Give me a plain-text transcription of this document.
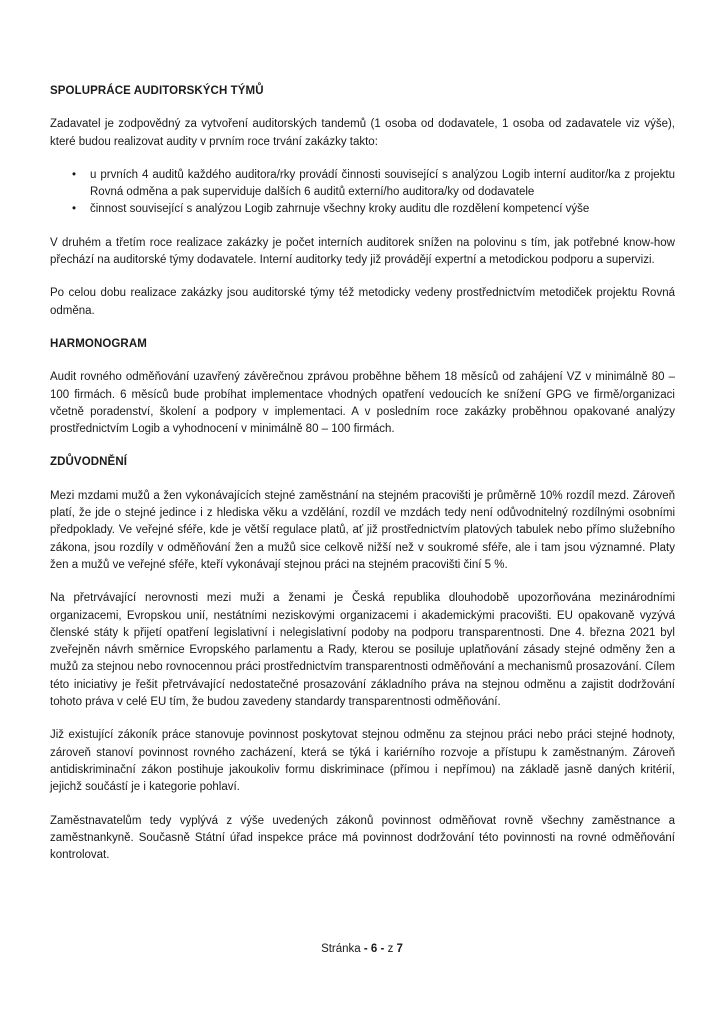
SPOLUPRÁCE AUDITORSKÝCH TÝMŮ

Zadavatel je zodpovědný za vytvoření auditorských tandemů (1 osoba od dodavatele, 1 osoba od zadavatele viz výše), které budou realizovat audity v prvním roce trvání zakázky takto:

• u prvních 4 auditů každého auditora/rky provádí činnosti související s analýzou Logib interní auditor/ka z projektu Rovná odměna a pak superviduje dalších 6 auditů externí/ho auditora/ky od dodavatele
• činnost související s analýzou Logib zahrnuje všechny kroky auditu dle rozdělení kompetencí výše

V druhém a třetím roce realizace zakázky je počet interních auditorek snížen na polovinu s tím, jak potřebné know-how přechází na auditorské týmy dodavatele. Interní auditorky tedy již provádějí expertní a metodickou podporu a supervizi.

Po celou dobu realizace zakázky jsou auditorské týmy též metodicky vedeny prostřednictvím metodiček projektu Rovná odměna.

HARMONOGRAM

Audit rovného odměňování uzavřený závěrečnou zprávou proběhne během 18 měsíců od zahájení VZ v minimálně 80 – 100 firmách. 6 měsíců bude probíhat implementace vhodných opatření vedoucích ke snížení GPG ve firmě/organizaci včetně poradenství, školení a podpory v implementaci. A v posledním roce zakázky proběhnou opakované analýzy prostřednictvím Logib a vyhodnocení v minimálně 80 – 100 firmách.

ZDŮVODNĚNÍ

Mezi mzdami mužů a žen vykonávajících stejné zaměstnání na stejném pracovišti je průměrně 10% rozdíl mezd. Zároveň platí, že jde o stejné jedince i z hlediska věku a vzdělání, rozdíl ve mzdách tedy není odůvodnitelný rozdílnými osobními předpoklady. Ve veřejné sféře, kde je větší regulace platů, ať již prostřednictvím platových tabulek nebo přímo služebního zákona, jsou rozdíly v odměňování žen a mužů sice celkově nižší než v soukromé sféře, ale i tam jsou významné. Platy žen a mužů ve veřejné sféře, kteří vykonávají stejnou práci na stejném pracovišti činí 5 %.

Na přetrvávající nerovnosti mezi muži a ženami je Česká republika dlouhodobě upozorňována mezinárodními organizacemi, Evropskou unií, nestátními neziskovými organizacemi i akademickými pracovišti. EU opakovaně vyzývá členské státy k přijetí opatření legislativní i nelegislativní podoby na podporu transparentnosti. Dne 4. března 2021 byl zveřejněn návrh směrnice Evropského parlamentu a Rady, kterou se posiluje uplatňování zásady stejné odměny žen a mužů za stejnou nebo rovnocennou práci prostřednictvím transparentnosti odměňování a mechanismů prosazování. Cílem této iniciativy je řešit přetrvávající nedostatečné prosazování základního práva na stejnou odměnu a zajistit dodržování tohoto práva v celé EU tím, že budou zavedeny standardy transparentnosti odměňování.

Již existující zákoník práce stanovuje povinnost poskytovat stejnou odměnu za stejnou práci nebo práci stejné hodnoty, zároveň stanoví povinnost rovného zacházení, která se týká i kariérního rozvoje a přístupu k zaměstnaným. Zároveň antidiskriminační zákon postihuje jakoukoliv formu diskriminace (přímou i nepřímou) na základě jasně daných kritérií, jejichž součástí je i kategorie pohlaví.

Zaměstnavatelům tedy vyplývá z výše uvedených zákonů povinnost odměňovat rovně všechny zaměstnance a zaměstnankyně. Současně Státní úřad inspekce práce má povinnost dodržování této povinnosti na rovné odměňování kontrolovat.

Stránka - 6 - z 7
